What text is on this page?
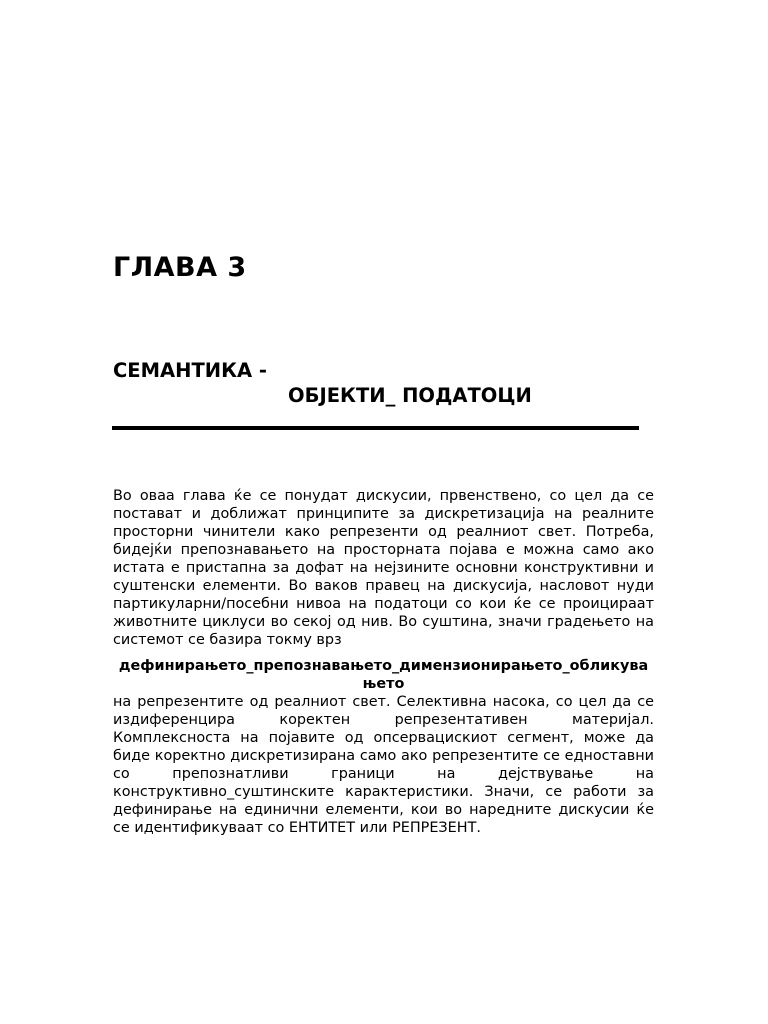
ГЛАВА 3
СЕМАНТИКА -
ОБЈЕКТИ_ ПОДАТОЦИ

Во оваа глава ќе се понудат дискусии, првенствено, со цел да се постават и доближат принципите за дискретизација на реалните просторни чинители како репрезенти од реалниот свет. Потреба, бидејќи препознавањето на просторната појава е можна само ако истата е пристапна за дофат на нејзините основни конструктивни и суштенски елементи. Во ваков правец на дискусија, насловот нуди партикуларни/посебни нивоа на податоци со кои ќе се проицираат животните циклуси во секој од нив. Во суштина, значи градењето на системот се базира токму врз

дефинирањето_препознавањето_димензионирањето_обликувањето

на репрезентите од реалниот свет. Селективна насока, со цел да се издиференцира коректен репрезентативен материјал. Комплексноста на појавите од опсервацискиот сегмент, може да биде коректно дискретизирана само ако репрезентите се едноставни со препознатливи граници на дејствување на конструктивно_суштинските карактеристики. Значи, се работи за дефинирање на единични елементи, кои во наредните дискусии ќе се идентификуваат со ЕНТИТЕТ или РЕПРЕЗЕНТ.
